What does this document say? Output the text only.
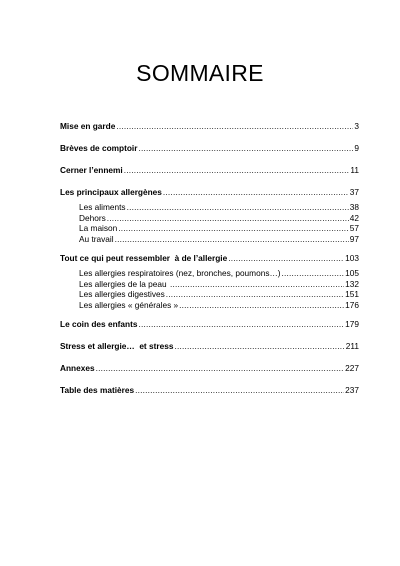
SOMMAIRE
Mise en garde .....	3
Brèves de comptoir .....	9
Cerner l’ennemi .....	11
Les principaux allergènes .....	37
Les aliments .....	38
Dehors .....	42
La maison .....	57
Au travail .....	97
Tout ce qui peut ressembler  à de l’allergie .....	103
Les allergies respiratoires (nez, bronches, poumons…) .....	105
Les allergies de la peau .....	132
Les allergies digestives .....	151
Les allergies « générales » .....	176
Le coin des enfants .....	179
Stress et allergie…  et stress .....	211
Annexes .....	227
Table des matières .....	237
